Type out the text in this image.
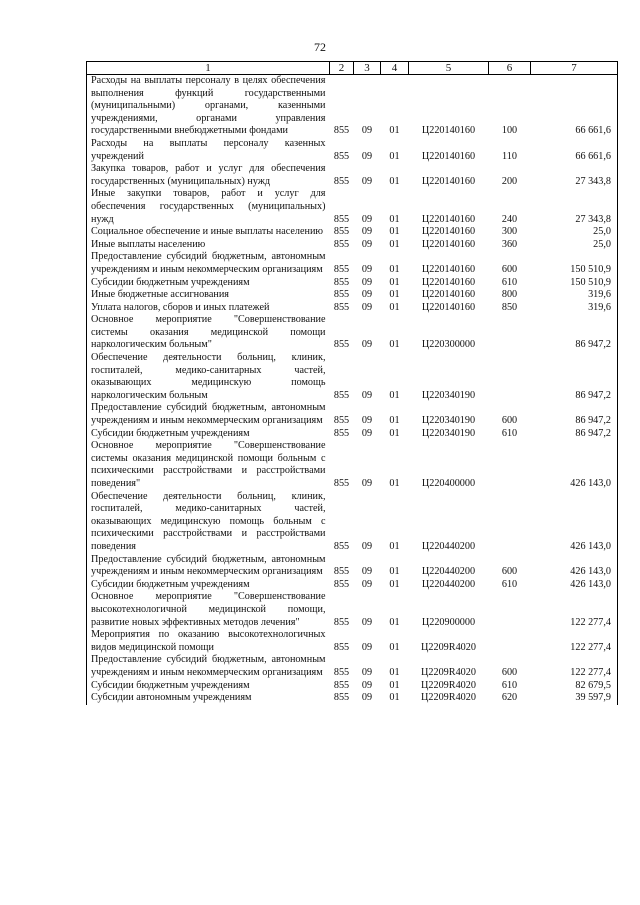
72
1	2	3	4	5	6	7
Расходы на выплаты персоналу в целях обеспечения выполнения функций государственными (муниципальными) органами, казенными учреждениями, органами управления государственными внебюджетными фондами	855	09	01	Ц220140160	100	66 661,6
Расходы на выплаты персоналу казенных учреждений	855	09	01	Ц220140160	110	66 661,6
Закупка товаров, работ и услуг для обеспечения государственных (муниципальных) нужд	855	09	01	Ц220140160	200	27 343,8
Иные закупки товаров, работ и услуг для обеспечения государственных (муниципальных) нужд	855	09	01	Ц220140160	240	27 343,8
Социальное обеспечение и иные выплаты населению	855	09	01	Ц220140160	300	25,0
Иные выплаты населению	855	09	01	Ц220140160	360	25,0
Предоставление субсидий бюджетным, автономным учреждениям и иным некоммерческим организациям	855	09	01	Ц220140160	600	150 510,9
Субсидии бюджетным учреждениям	855	09	01	Ц220140160	610	150 510,9
Иные бюджетные ассигнования	855	09	01	Ц220140160	800	319,6
Уплата налогов, сборов и иных платежей	855	09	01	Ц220140160	850	319,6
Основное мероприятие "Совершенствование системы оказания медицинской помощи наркологическим больным"	855	09	01	Ц220300000		86 947,2
Обеспечение деятельности больниц, клиник, госпиталей, медико-санитарных частей, оказывающих медицинскую помощь наркологическим больным	855	09	01	Ц220340190		86 947,2
Предоставление субсидий бюджетным, автономным учреждениям и иным некоммерческим организациям	855	09	01	Ц220340190	600	86 947,2
Субсидии бюджетным учреждениям	855	09	01	Ц220340190	610	86 947,2
Основное мероприятие "Совершенствование системы оказания медицинской помощи больным с психическими расстройствами и расстройствами поведения"	855	09	01	Ц220400000		426 143,0
Обеспечение деятельности больниц, клиник, госпиталей, медико-санитарных частей, оказывающих медицинскую помощь больным с психическими расстройствами и расстройствами поведения	855	09	01	Ц220440200		426 143,0
Предоставление субсидий бюджетным, автономным учреждениям и иным некоммерческим организациям	855	09	01	Ц220440200	600	426 143,0
Субсидии бюджетным учреждениям	855	09	01	Ц220440200	610	426 143,0
Основное мероприятие "Совершенствование высокотехнологичной медицинской помощи, развитие новых эффективных методов лечения"	855	09	01	Ц220900000		122 277,4
Мероприятия по оказанию высокотехнологичных видов медицинской помощи	855	09	01	Ц2209R4020		122 277,4
Предоставление субсидий бюджетным, автономным учреждениям и иным некоммерческим организациям	855	09	01	Ц2209R4020	600	122 277,4
Субсидии бюджетным учреждениям	855	09	01	Ц2209R4020	610	82 679,5
Субсидии автономным учреждениям	855	09	01	Ц2209R4020	620	39 597,9
